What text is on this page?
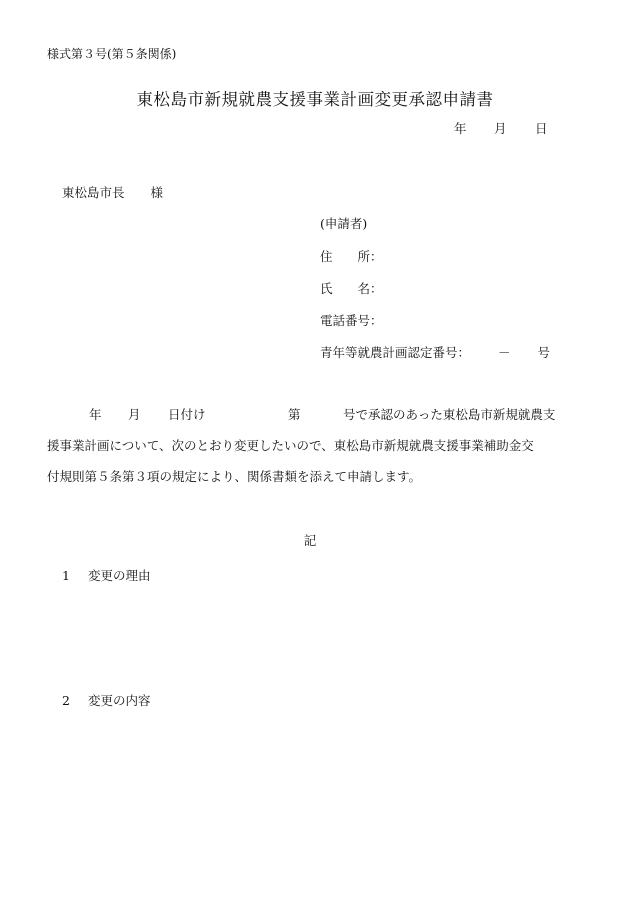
様式第３号(第５条関係)
東松島市新規就農支援事業計画変更承認申請書
年 月 日
東松島市長 様
(申請者)
住　　所：
氏　　名：
電話番号：
青年等就農計画認定番号： － 号
年 月 日付け	第	号で承認のあった東松島市新規就農支
援事業計画について、次のとおり変更したいので、東松島市新規就農支援事業補助金交
付規則第５条第３項の規定により、関係書類を添えて申請します。
記
1 変更の理由
2 変更の内容
